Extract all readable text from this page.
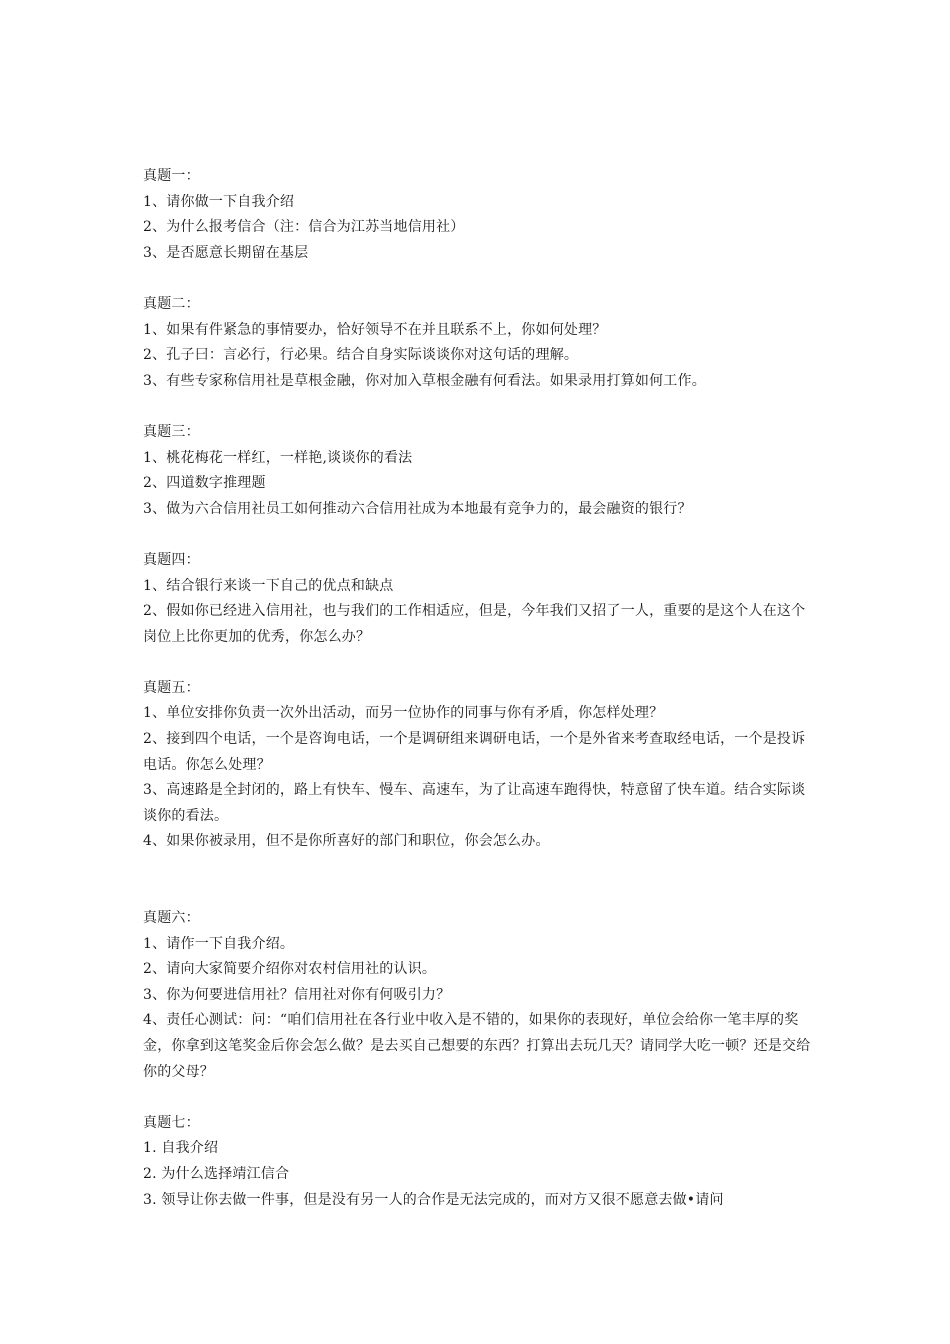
真题一：
1、请你做一下自我介绍
2、为什么报考信合（注：信合为江苏当地信用社）
3、是否愿意长期留在基层
真题二：
1、如果有件紧急的事情要办，恰好领导不在并且联系不上，你如何处理？
2、孔子曰：言必行，行必果。结合自身实际谈谈你对这句话的理解。
3、有些专家称信用社是草根金融，你对加入草根金融有何看法。如果录用打算如何工作。
真题三：
1、桃花梅花一样红，一样艳,谈谈你的看法
2、四道数字推理题
3、做为六合信用社员工如何推动六合信用社成为本地最有竞争力的，最会融资的银行？
真题四：
1、结合银行来谈一下自己的优点和缺点
2、假如你已经进入信用社，也与我们的工作相适应，但是，今年我们又招了一人，重要的是这个人在这个岗位上比你更加的优秀，你怎么办？
真题五：
1、单位安排你负责一次外出活动，而另一位协作的同事与你有矛盾，你怎样处理？
2、接到四个电话，一个是咨询电话，一个是调研组来调研电话，一个是外省来考查取经电话，一个是投诉电话。你怎么处理？
3、高速路是全封闭的，路上有快车、慢车、高速车，为了让高速车跑得快，特意留了快车道。结合实际谈谈你的看法。
4、如果你被录用，但不是你所喜好的部门和职位，你会怎么办。
真题六：
1、请作一下自我介绍。
2、请向大家简要介绍你对农村信用社的认识。
3、你为何要进信用社？信用社对你有何吸引力？
4、责任心测试：问：“咱们信用社在各行业中收入是不错的，如果你的表现好，单位会给你一笔丰厚的奖金，你拿到这笔奖金后你会怎么做？是去买自己想要的东西？打算出去玩几天？请同学大吃一顿？还是交给你的父母？
真题七：
1. 自我介绍
2. 为什么选择靖江信合
3. 领导让你去做一件事，但是没有另一人的合作是无法完成的，而对方又很不愿意去做•请问
